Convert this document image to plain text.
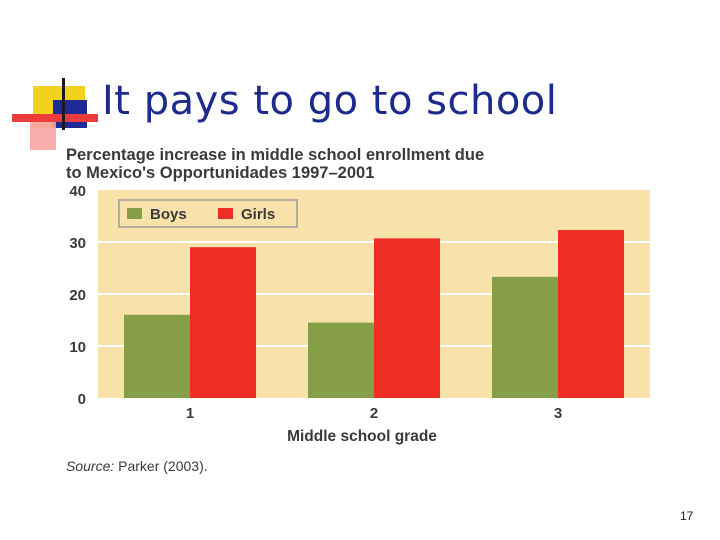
It pays to go to school
Percentage increase in middle school enrollment due
to Mexico's Opportunidades 1997–2001
0
10
20
30
40
1	2	3
Middle school grade
Boys	Girls
Source: Parker (2003).
17
